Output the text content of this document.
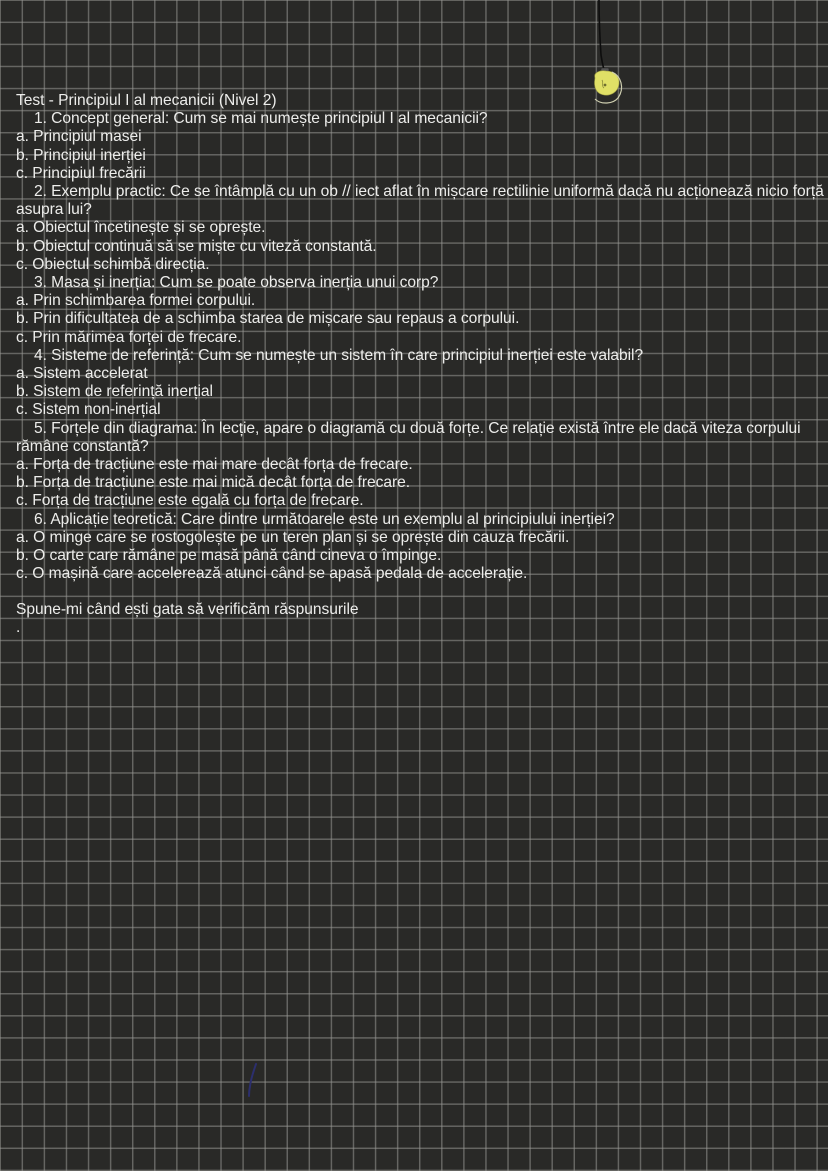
Test - Principiul I al mecanicii (Nivel 2)
1. Concept general: Cum se mai numește principiul I al mecanicii?
a. Principiul masei
b. Principiul inerției
c. Principiul frecării
2. Exemplu practic: Ce se întâmplă cu un ob // iect aflat în mișcare rectilinie uniformă dacă nu acționează nicio forță asupra lui?
a. Obiectul încetinește și se oprește.
b. Obiectul continuă să se miște cu viteză constantă.
c. Obiectul schimbă direcția.
3. Masa și inerția: Cum se poate observa inerția unui corp?
a. Prin schimbarea formei corpului.
b. Prin dificultatea de a schimba starea de mișcare sau repaus a corpului.
c. Prin mărimea forței de frecare.
4. Sisteme de referință: Cum se numește un sistem în care principiul inerției este valabil?
a. Sistem accelerat
b. Sistem de referință inerțial
c. Sistem non-inerțial
5. Forțele din diagrama: În lecție, apare o diagramă cu două forțe. Ce relație există între ele dacă viteza corpului rămâne constantă?
a. Forța de tracțiune este mai mare decât forța de frecare.
b. Forța de tracțiune este mai mică decât forța de frecare.
c. Forța de tracțiune este egală cu forța de frecare.
6. Aplicație teoretică: Care dintre următoarele este un exemplu al principiului inerției?
a. O minge care se rostogolește pe un teren plan și se oprește din cauza frecării.
b. O carte care rămâne pe masă până când cineva o împinge.
c. O mașină care accelerează atunci când se apasă pedala de accelerație.
Spune-mi când ești gata să verificăm răspunsurile
.
